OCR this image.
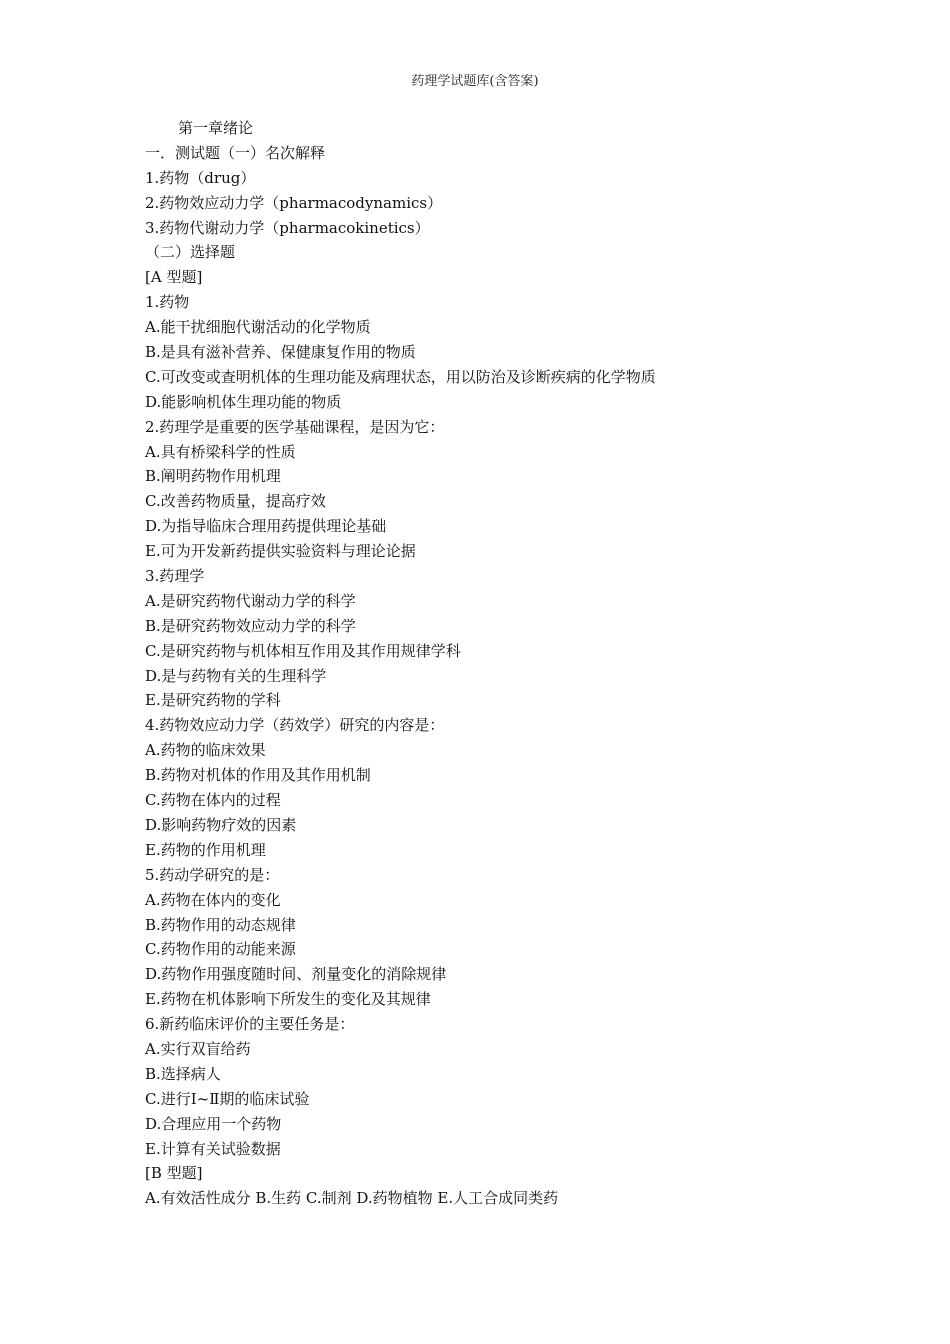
药理学试题库(含答案)
第一章绪论
一．测试题（一）名次解释
1.药物（drug）
2.药物效应动力学（pharmacodynamics）
3.药物代谢动力学（pharmacokinetics）
（二）选择题
[A 型题]
1.药物
A.能干扰细胞代谢活动的化学物质
B.是具有滋补营养、保健康复作用的物质
C.可改变或查明机体的生理功能及病理状态，用以防治及诊断疾病的化学物质
D.能影响机体生理功能的物质
2.药理学是重要的医学基础课程，是因为它：
A.具有桥梁科学的性质
B.阐明药物作用机理
C.改善药物质量，提高疗效
D.为指导临床合理用药提供理论基础
E.可为开发新药提供实验资料与理论论据
3.药理学
A.是研究药物代谢动力学的科学
B.是研究药物效应动力学的科学
C.是研究药物与机体相互作用及其作用规律学科
D.是与药物有关的生理科学
E.是研究药物的学科
4.药物效应动力学（药效学）研究的内容是：
A.药物的临床效果
B.药物对机体的作用及其作用机制
C.药物在体内的过程
D.影响药物疗效的因素
E.药物的作用机理
5.药动学研究的是：
A.药物在体内的变化
B.药物作用的动态规律
C.药物作用的动能来源
D.药物作用强度随时间、剂量变化的消除规律
E.药物在机体影响下所发生的变化及其规律
6.新药临床评价的主要任务是：
A.实行双盲给药
B.选择病人
C.进行Ⅰ~Ⅱ期的临床试验
D.合理应用一个药物
E.计算有关试验数据
[B 型题]
A.有效活性成分 B.生药 C.制剂 D.药物植物 E.人工合成同类药
